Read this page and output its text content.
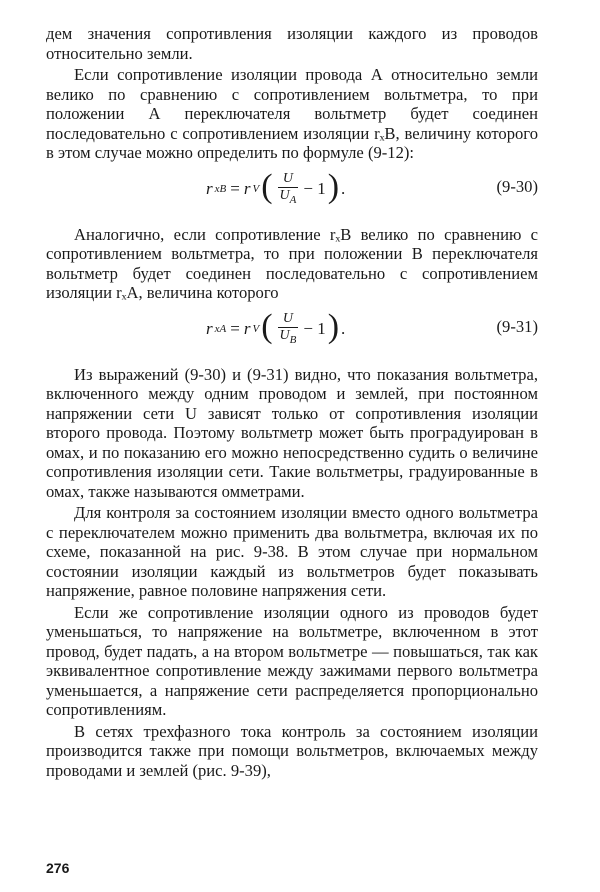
дем значения сопротивления изоляции каждого из проводов относительно земли.

Если сопротивление изоляции провода А относительно земли велико по сравнению с сопротивлением вольтметра, то при положении А переключателя вольтметр будет соединен последовательно с сопротивлением изоляции rₓB, величину которого в этом случае можно определить по формуле (9-12):

r xB = r V ( $\frac{U}{U_A} - 1$ ) .	(9-30)

Аналогично, если сопротивление rₓB велико по сравнению с сопротивлением вольтметра, то при положении В переключателя вольтметр будет соединен последовательно с сопротивлением изоляции rₓA, величина которого

r xA = r V ( $\frac{U}{U_B} - 1$ ) .	(9-31)

Из выражений (9-30) и (9-31) видно, что показания вольтметра, включенного между одним проводом и землей, при постоянном напряжении сети U зависят только от сопротивления изоляции второго провода. Поэтому вольтметр может быть проградуирован в омах, и по показанию его можно непосредственно судить о величине сопротивления изоляции сети. Такие вольтметры, градуированные в омах, также называются омметрами.

Для контроля за состоянием изоляции вместо одного вольтметра с переключателем можно применить два вольтметра, включая их по схеме, показанной на рис. 9-38. В этом случае при нормальном состоянии изоляции каждый из вольтметров будет показывать напряжение, равное половине напряжения сети.

Если же сопротивление изоляции одного из проводов будет уменьшаться, то напряжение на вольтметре, включенном в этот провод, будет падать, а на втором вольтметре — повышаться, так как эквивалентное сопротивление между зажимами первого вольтметра уменьшается, а напряжение сети распределяется пропорционально сопротивлениям.

В сетях трехфазного тока контроль за состоянием изоляции производится также при помощи вольтметров, включаемых между проводами и землей (рис. 9-39),

276
